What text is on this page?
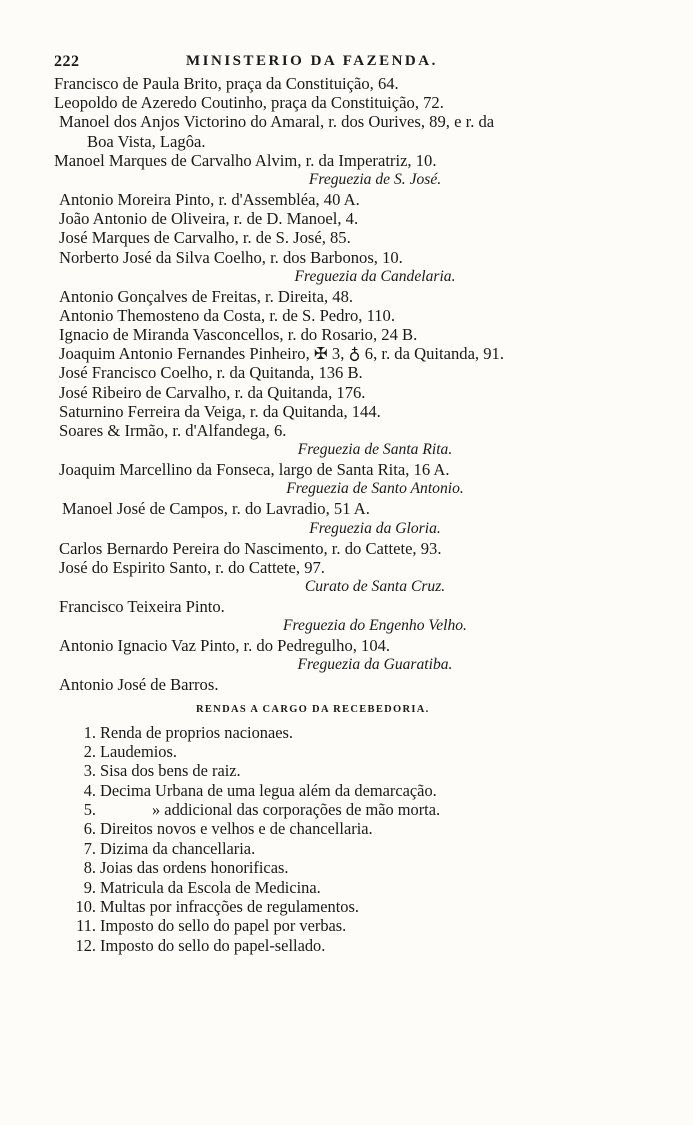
222	MINISTERIO DA FAZENDA.
Francisco de Paula Brito, praça da Constituição, 64.
Leopoldo de Azeredo Coutinho, praça da Constituição, 72.
Manoel dos Anjos Victorino do Amaral, r. dos Ourives, 89, e r. da
Boa Vista, Lagôa.
Manoel Marques de Carvalho Alvim, r. da Imperatriz, 10.
Freguezia de S. José.
Antonio Moreira Pinto, r. d'Assembléa, 40 A.
João Antonio de Oliveira, r. de D. Manoel, 4.
José Marques de Carvalho, r. de S. José, 85.
Norberto José da Silva Coelho, r. dos Barbonos, 10.
Freguezia da Candelaria.
Antonio Gonçalves de Freitas, r. Direita, 48.
Antonio Themosteno da Costa, r. de S. Pedro, 110.
Ignacio de Miranda Vasconcellos, r. do Rosario, 24 B.
Joaquim Antonio Fernandes Pinheiro, ✠ 3, ♁ 6, r. da Quitanda, 91.
José Francisco Coelho, r. da Quitanda, 136 B.
José Ribeiro de Carvalho, r. da Quitanda, 176.
Saturnino Ferreira da Veiga, r. da Quitanda, 144.
Soares & Irmão, r. d'Alfandega, 6.
Freguezia de Santa Rita.
Joaquim Marcellino da Fonseca, largo de Santa Rita, 16 A.
Freguezia de Santo Antonio.
Manoel José de Campos, r. do Lavradio, 51 A.
Freguezia da Gloria.
Carlos Bernardo Pereira do Nascimento, r. do Cattete, 93.
José do Espirito Santo, r. do Cattete, 97.
Curato de Santa Cruz.
Francisco Teixeira Pinto.
Freguezia do Engenho Velho.
Antonio Ignacio Vaz Pinto, r. do Pedregulho, 104.
Freguezia da Guaratiba.
Antonio José de Barros.
RENDAS A CARGO DA RECEBEDORIA.
1. Renda de proprios nacionaes.
2. Laudemios.
3. Sisa dos bens de raiz.
4. Decima Urbana de uma legua além da demarcação.
5.	» addicional das corporações de mão morta.
6. Direitos novos e velhos e de chancellaria.
7. Dizima da chancellaria.
8. Joias das ordens honorificas.
9. Matricula da Escola de Medicina.
10. Multas por infracções de regulamentos.
11. Imposto do sello do papel por verbas.
12. Imposto do sello do papel-sellado.
